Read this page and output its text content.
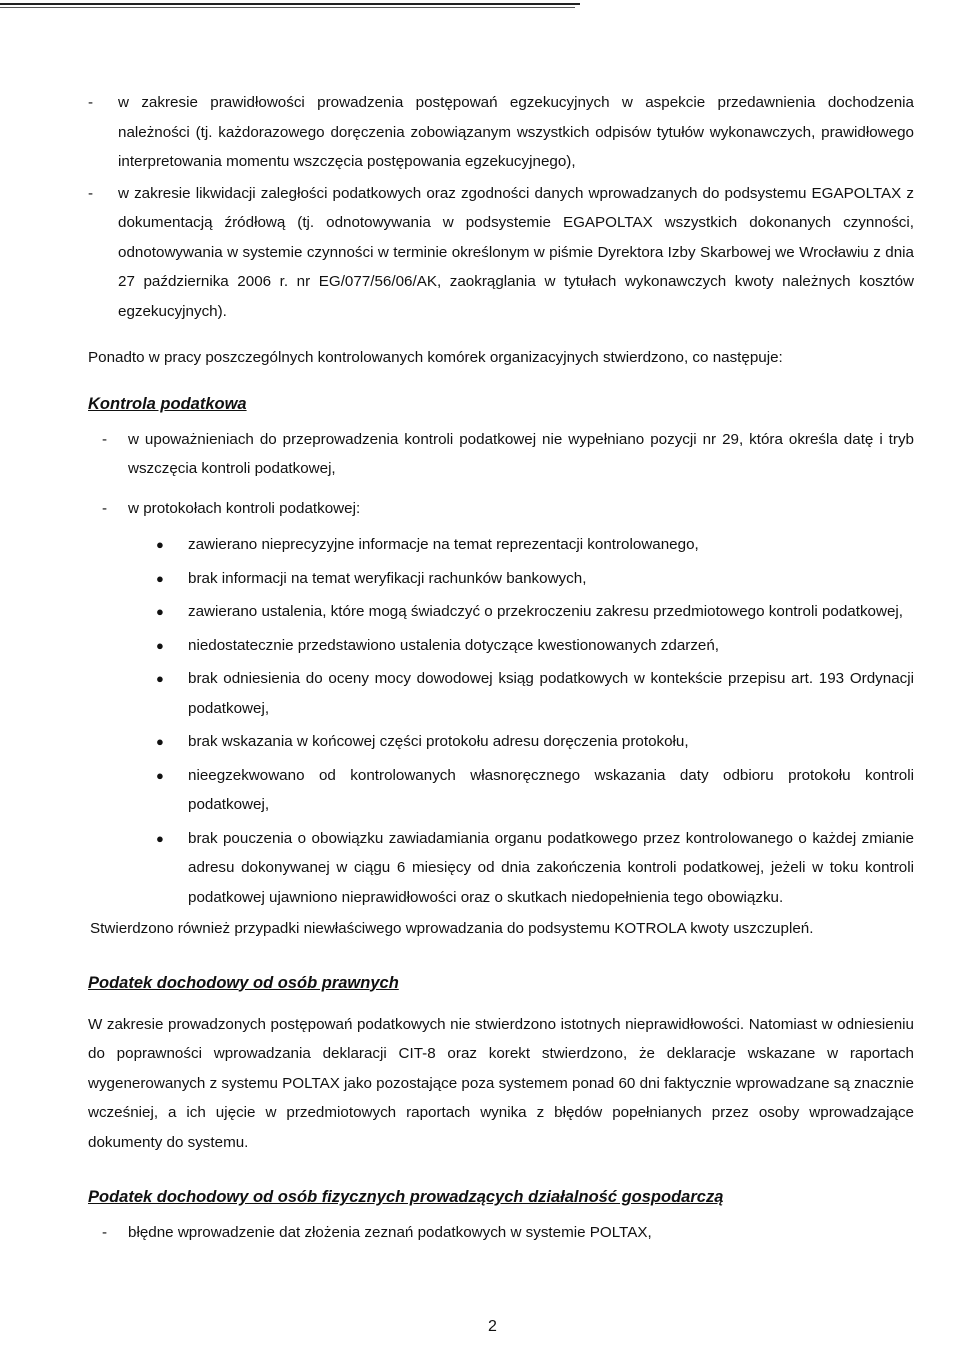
- w zakresie prawidłowości prowadzenia postępowań egzekucyjnych w aspekcie przedawnienia dochodzenia należności (tj. każdorazowego doręczenia zobowiązanym wszystkich odpisów tytułów wykonawczych, prawidłowego interpretowania momentu wszczęcia postępowania egzekucyjnego),
- w zakresie likwidacji zaległości podatkowych oraz zgodności danych wprowadzanych do podsystemu EGAPOLTAX z dokumentacją źródłową (tj. odnotowywania w podsystemie EGAPOLTAX wszystkich dokonanych czynności, odnotowywania w systemie czynności w terminie określonym w piśmie Dyrektora Izby Skarbowej we Wrocławiu z dnia 27 października 2006 r. nr EG/077/56/06/AK, zaokrąglania w tytułach wykonawczych kwoty należnych kosztów egzekucyjnych).
Ponadto w pracy poszczególnych kontrolowanych komórek organizacyjnych stwierdzono, co następuje:
Kontrola podatkowa
- w upoważnieniach do przeprowadzenia kontroli podatkowej nie wypełniano pozycji nr 29, która określa datę i tryb wszczęcia kontroli podatkowej,
- w protokołach kontroli podatkowej:
● zawierano nieprecyzyjne informacje na temat reprezentacji kontrolowanego,
● brak informacji na temat weryfikacji rachunków bankowych,
● zawierano ustalenia, które mogą świadczyć o przekroczeniu zakresu przedmiotowego kontroli podatkowej,
● niedostatecznie przedstawiono ustalenia dotyczące kwestionowanych zdarzeń,
● brak odniesienia do oceny mocy dowodowej ksiąg podatkowych w kontekście przepisu art. 193 Ordynacji podatkowej,
● brak wskazania w końcowej części protokołu adresu doręczenia protokołu,
● nieegzekwowano od kontrolowanych własnoręcznego wskazania daty odbioru protokołu kontroli podatkowej,
● brak pouczenia o obowiązku zawiadamiania organu podatkowego przez kontrolowanego o każdej zmianie adresu dokonywanej w ciągu 6 miesięcy od dnia zakończenia kontroli podatkowej, jeżeli w toku kontroli podatkowej ujawniono nieprawidłowości oraz o skutkach niedopełnienia tego obowiązku.
Stwierdzono również przypadki niewłaściwego wprowadzania do podsystemu KOTROLA kwoty uszczupleń.
Podatek dochodowy od osób prawnych
W zakresie prowadzonych postępowań podatkowych nie stwierdzono istotnych nieprawidłowości. Natomiast w odniesieniu do poprawności wprowadzania deklaracji CIT-8 oraz korekt stwierdzono, że deklaracje wskazane w raportach wygenerowanych z systemu POLTAX jako pozostające poza systemem ponad 60 dni faktycznie wprowadzane są znacznie wcześniej, a ich ujęcie w przedmiotowych raportach wynika z błędów popełnianych przez osoby wprowadzające dokumenty do systemu.
Podatek dochodowy od osób fizycznych prowadzących działalność gospodarczą
- błędne wprowadzenie dat złożenia zeznań podatkowych w systemie POLTAX,
2
